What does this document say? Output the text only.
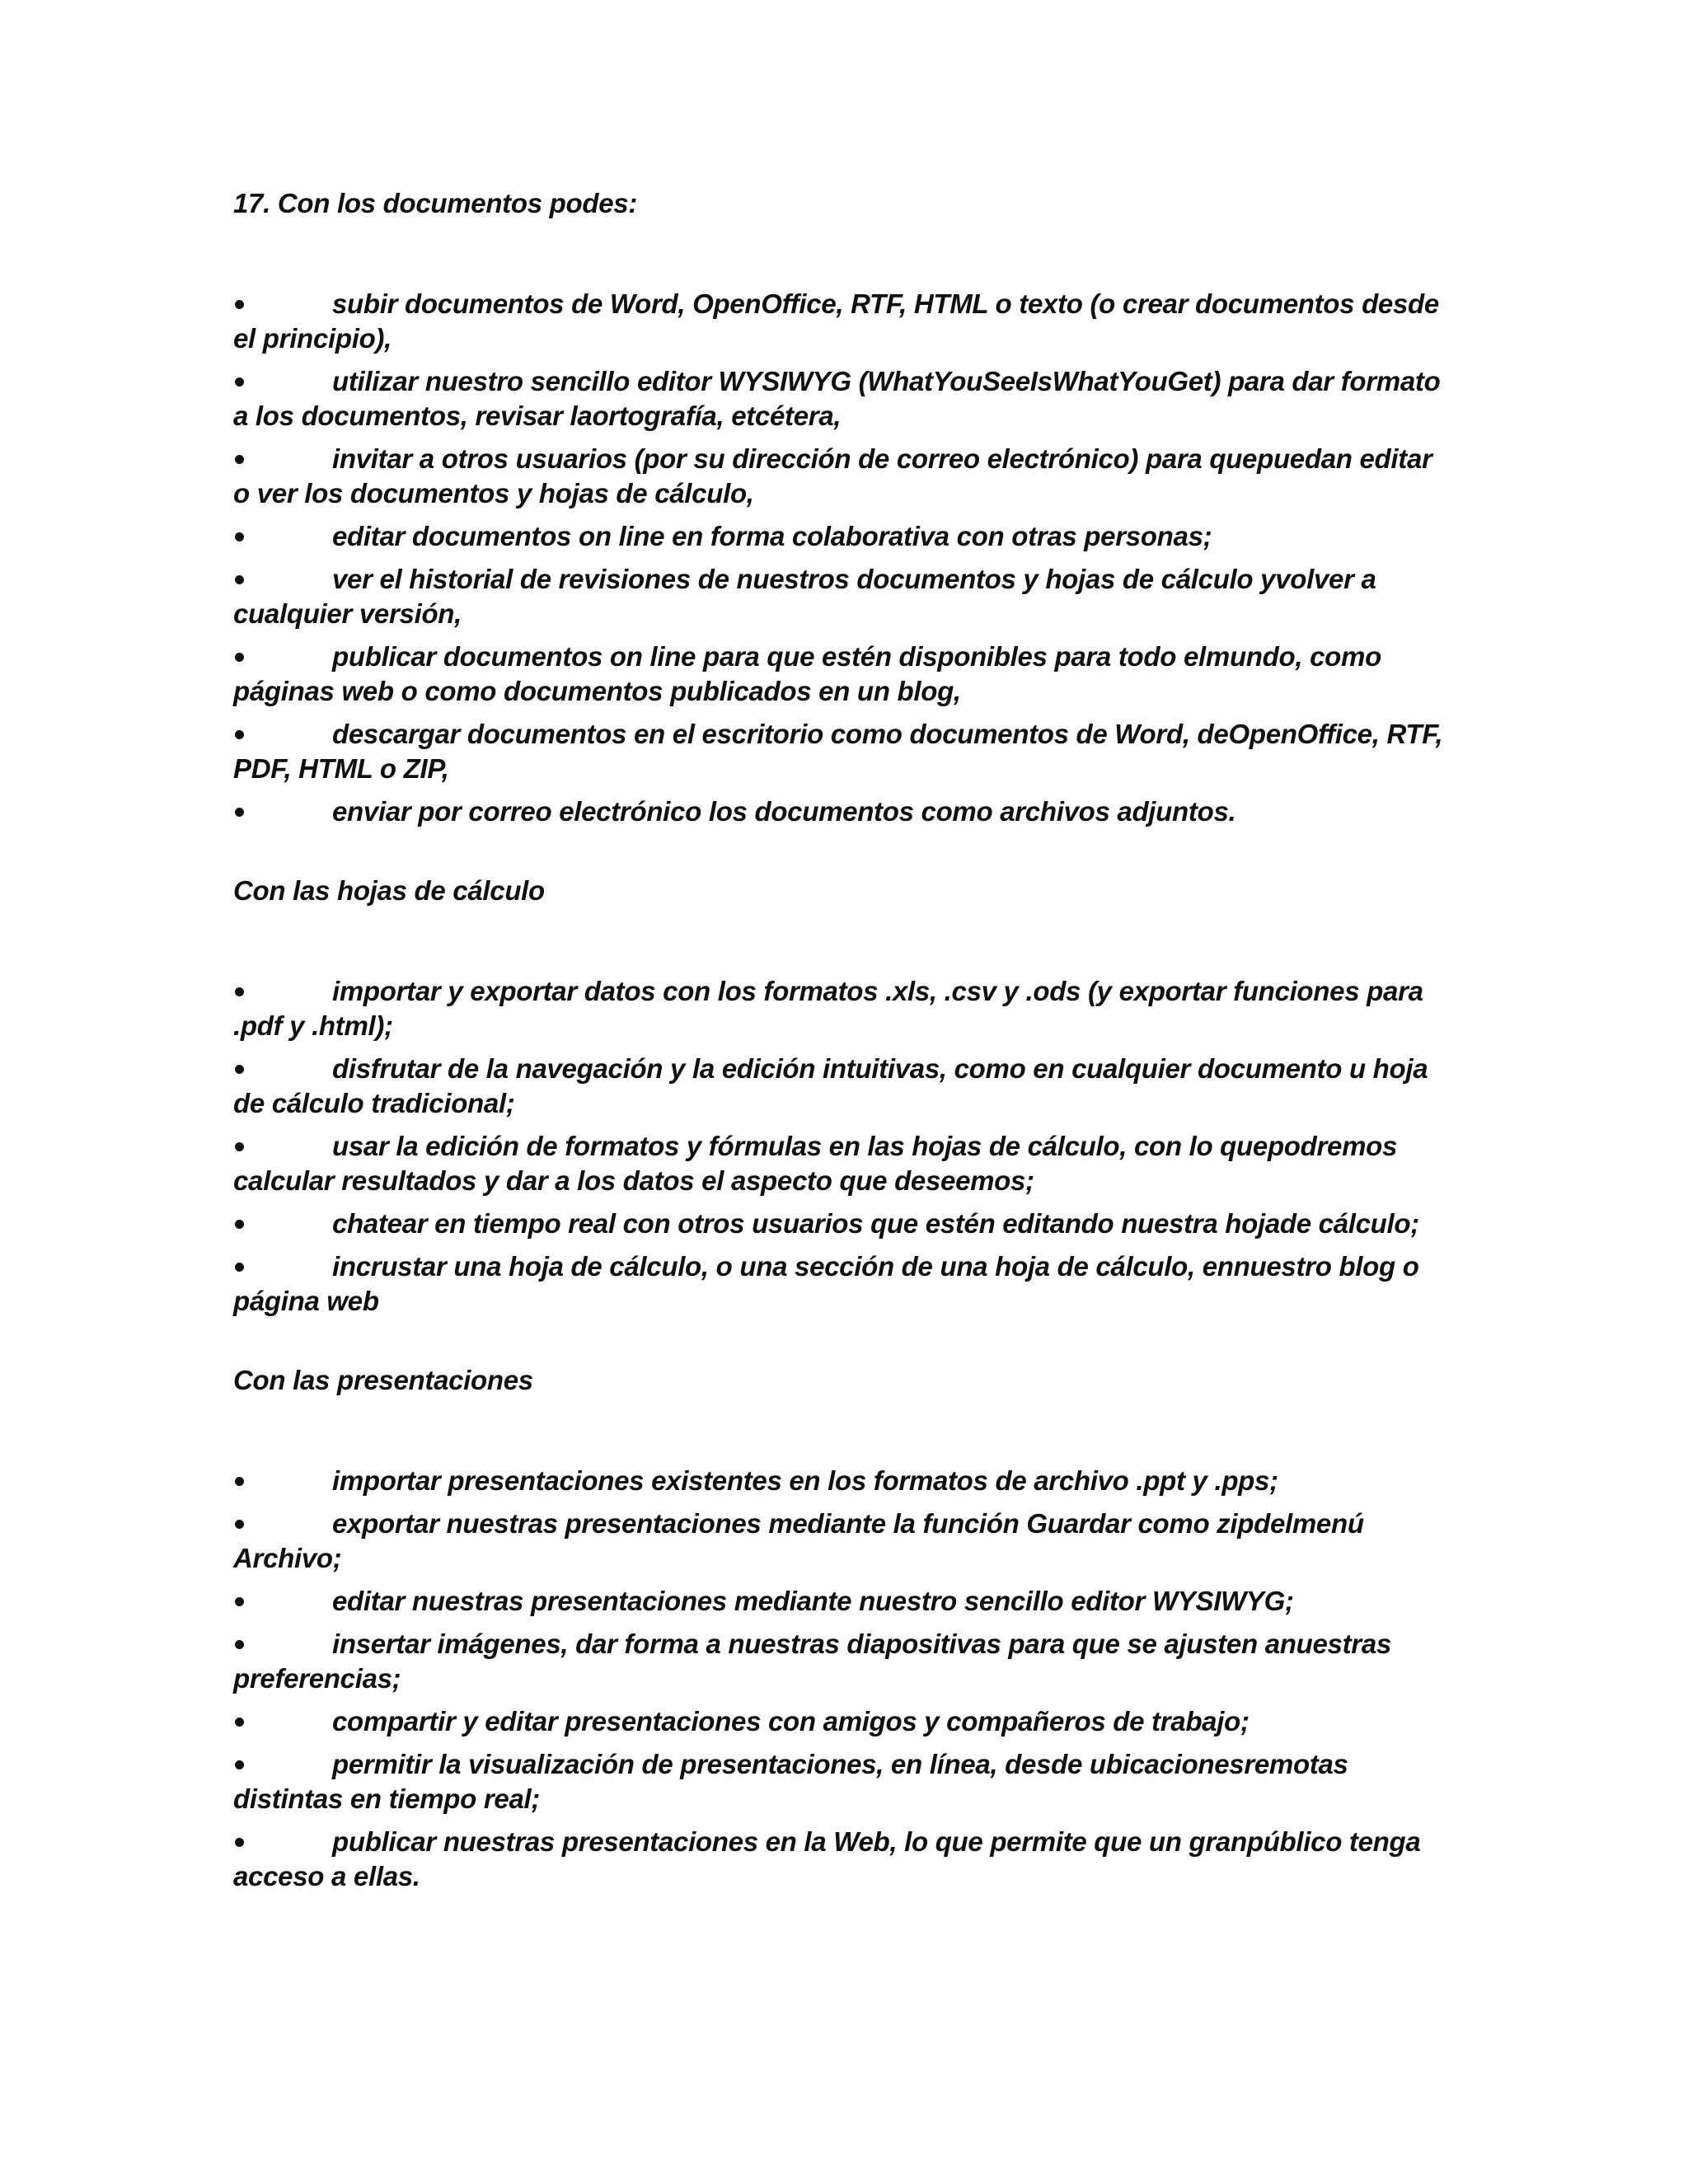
17. Con los documentos podes:

subir documentos de Word, OpenOffice, RTF, HTML o texto (o crear documentos desde el principio),
utilizar nuestro sencillo editor WYSIWYG (WhatYouSeeIsWhatYouGet) para dar formato a los documentos, revisar laortografía, etcétera,
invitar a otros usuarios (por su dirección de correo electrónico) para quepuedan editar o ver los documentos y hojas de cálculo,
editar documentos on line en forma colaborativa con otras personas;
ver el historial de revisiones de nuestros documentos y hojas de cálculo yvolver a cualquier versión,
publicar documentos on line para que estén disponibles para todo elmundo, como páginas web o como documentos publicados en un blog,
descargar documentos en el escritorio como documentos de Word, deOpenOffice, RTF, PDF, HTML o ZIP,
enviar por correo electrónico los documentos como archivos adjuntos.

Con las hojas de cálculo

importar y exportar datos con los formatos .xls, .csv y .ods (y exportar funciones para .pdf y .html);
disfrutar de la navegación y la edición intuitivas, como en cualquier documento u hoja de cálculo tradicional;
usar la edición de formatos y fórmulas en las hojas de cálculo, con lo quepodremos calcular resultados y dar a los datos el aspecto que deseemos;
chatear en tiempo real con otros usuarios que estén editando nuestra hojade cálculo;
incrustar una hoja de cálculo, o una sección de una hoja de cálculo, ennuestro blog o página web

Con las presentaciones

importar presentaciones existentes en los formatos de archivo .ppt y .pps;
exportar nuestras presentaciones mediante la función Guardar como zipdelmenú Archivo;
editar nuestras presentaciones mediante nuestro sencillo editor WYSIWYG;
insertar imágenes, dar forma a nuestras diapositivas para que se ajusten anuestras preferencias;
compartir y editar presentaciones con amigos y compañeros de trabajo;
permitir la visualización de presentaciones, en línea, desde ubicacionesremotas distintas en tiempo real;
publicar nuestras presentaciones en la Web, lo que permite que un granpúblico tenga acceso a ellas.
